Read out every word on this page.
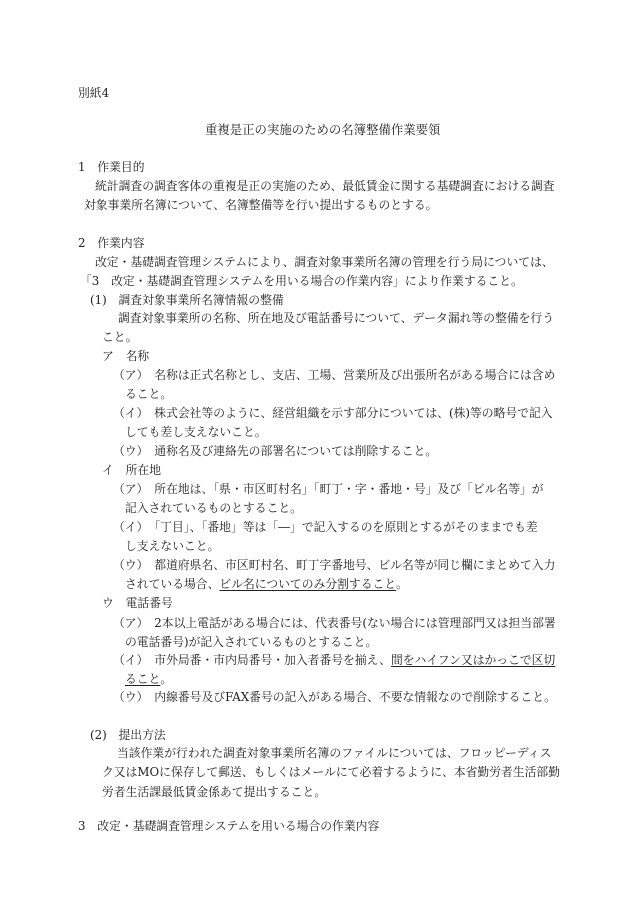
別紙4
重複是正の実施のための名簿整備作業要領
1　作業目的
統計調査の調査客体の重複是正の実施のため、最低賃金に関する基礎調査における調査
対象事業所名簿について、名簿整備等を行い提出するものとする。
2　作業内容
改定・基礎調査管理システムにより、調査対象事業所名簿の管理を行う局については、
「3　改定・基礎調査管理システムを用いる場合の作業内容」により作業すること。
(1)　調査対象事業所名簿情報の整備
調査対象事業所の名称、所在地及び電話番号について、データ漏れ等の整備を行う
こと。
ア　名称
（ア）　名称は正式名称とし、支店、工場、営業所及び出張所名がある場合には含め
ること。
（イ）　株式会社等のように、経営組織を示す部分については、(株)等の略号で記入
しても差し支えないこと。
（ウ）　通称名及び連絡先の部署名については削除すること。
イ　所在地
（ア）　所在地は、「県・市区町村名」「町丁・字・番地・号」及び「ビル名等」が
記入されているものとすること。
（イ）　「丁目」、「番地」等は「―」で記入するのを原則とするがそのままでも差
し支えないこと。
（ウ）　都道府県名、市区町村名、町丁字番地号、ビル名等が同じ欄にまとめて入力
されている場合、ビル名についてのみ分割すること。
ウ　電話番号
（ア）　2本以上電話がある場合には、代表番号(ない場合には管理部門又は担当部署
の電話番号)が記入されているものとすること。
（イ）　市外局番・市内局番号・加入者番号を揃え、間をハイフン又はかっこで区切
ること。
（ウ）　内線番号及びFAX番号の記入がある場合、不要な情報なので削除すること。
(2)　提出方法
当該作業が行われた調査対象事業所名簿のファイルについては、フロッピーディス
ク又はMOに保存して郵送、もしくはメールにて必着するように、本省勤労者生活部勤
労者生活課最低賃金係あて提出すること。
3　改定・基礎調査管理システムを用いる場合の作業内容
